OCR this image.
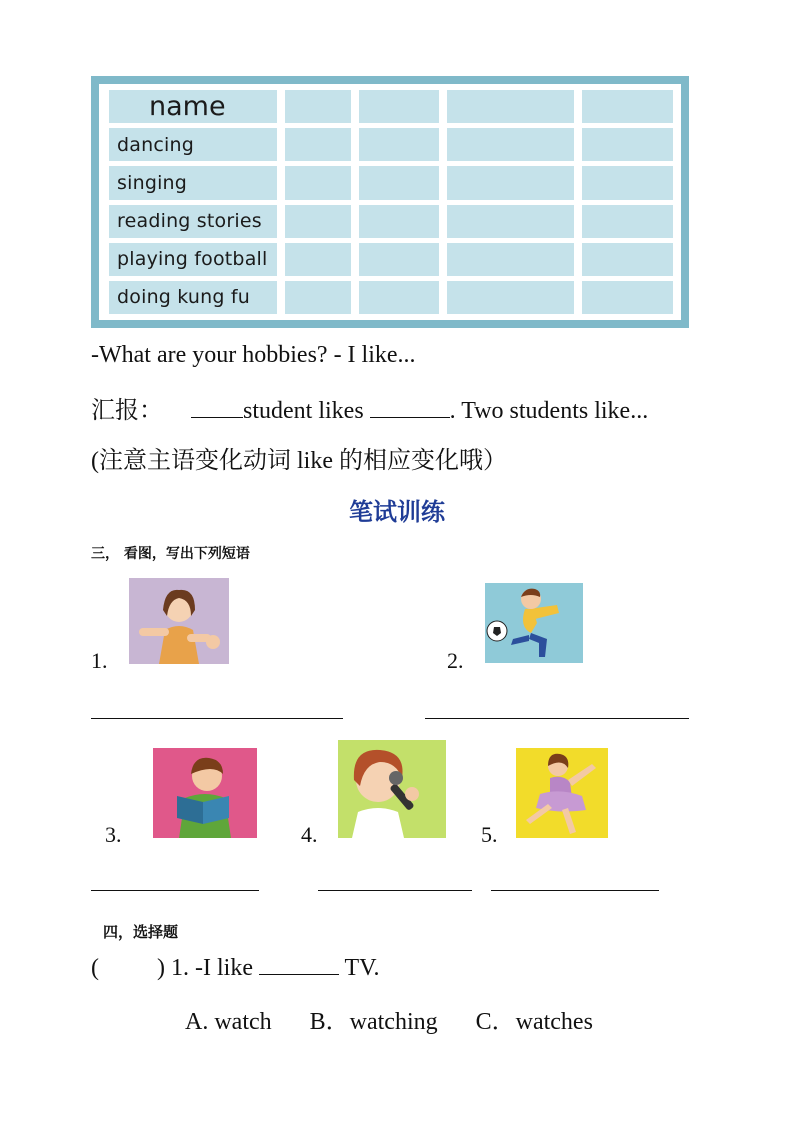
name
dancing
singing
reading stories
playing football
doing kung fu
-What are your hobbies? - I like...
汇报：	student likes	. Two students like...
(注意主语变化动词 like 的相应变化哦）
笔试训练
三， 看图，写出下列短语
1.	2.
3.	4.	5.
四，选择题
( ) 1. -I like	TV.
A. watch B．watching C．watches
